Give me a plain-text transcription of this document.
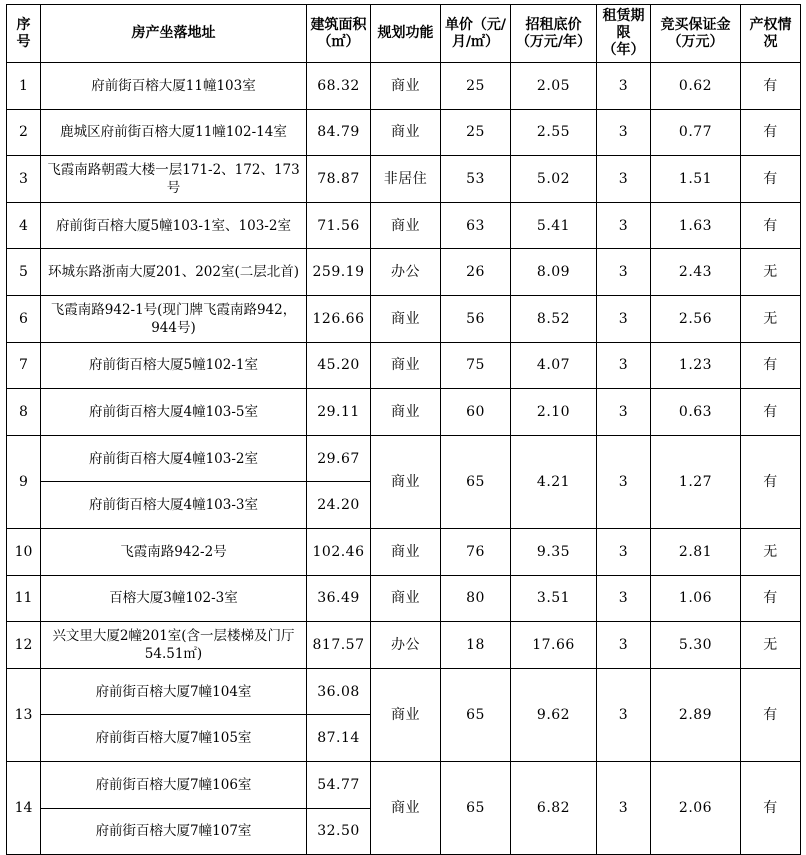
序号	房产坐落地址	建筑面积（㎡）	规划功能	单价（元/月/㎡）	招租底价（万元/年）	租赁期限（年）	竞买保证金（万元）	产权情况
1	府前街百榕大厦11幢103室	68.32	商业	25	2.05	3	0.62	有
2	鹿城区府前街百榕大厦11幢102-14室	84.79	商业	25	2.55	3	0.77	有
3	飞霞南路朝霞大楼一层171-2、172、173号	78.87	非居住	53	5.02	3	1.51	有
4	府前街百榕大厦5幢103-1室、103-2室	71.56	商业	63	5.41	3	1.63	有
5	环城东路浙南大厦201、202室(二层北首)	259.19	办公	26	8.09	3	2.43	无
6	飞霞南路942-1号(现门牌飞霞南路942，944号)	126.66	商业	56	8.52	3	2.56	无
7	府前街百榕大厦5幢102-1室	45.20	商业	75	4.07	3	1.23	有
8	府前街百榕大厦4幢103-5室	29.11	商业	60	2.10	3	0.63	有
9	府前街百榕大厦4幢103-2室	29.67	商业	65	4.21	3	1.27	有
	府前街百榕大厦4幢103-3室	24.20						
10	飞霞南路942-2号	102.46	商业	76	9.35	3	2.81	无
11	百榕大厦3幢102-3室	36.49	商业	80	3.51	3	1.06	有
12	兴文里大厦2幢201室(含一层楼梯及门厅54.51㎡)	817.57	办公	18	17.66	3	5.30	无
13	府前街百榕大厦7幢104室	36.08	商业	65	9.62	3	2.89	有
	府前街百榕大厦7幢105室	87.14						
14	府前街百榕大厦7幢106室	54.77	商业	65	6.82	3	2.06	有
	府前街百榕大厦7幢107室	32.50						
